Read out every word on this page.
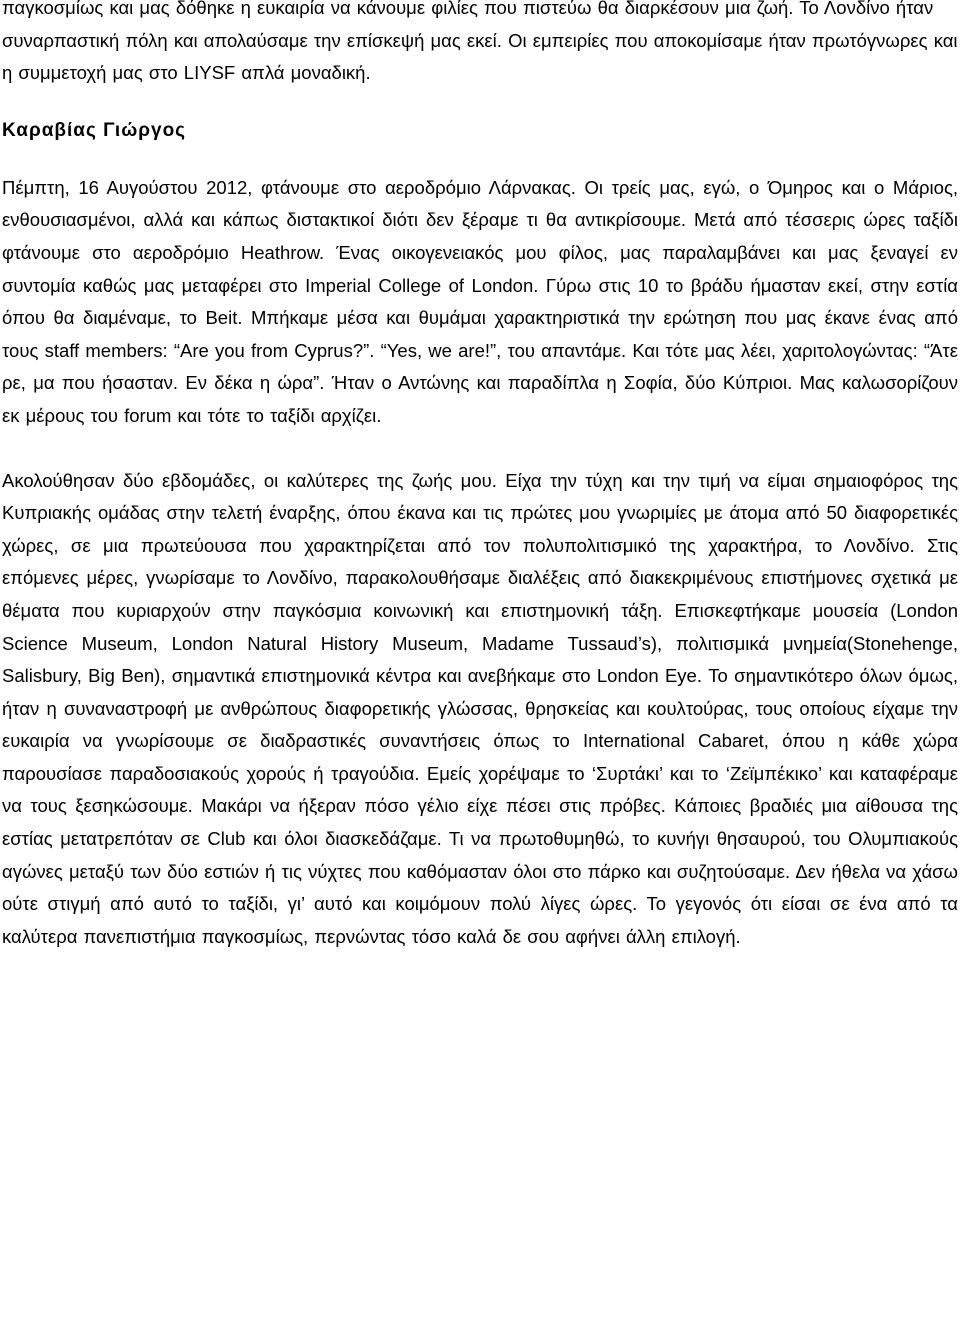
παγκοσμίως και μας δόθηκε η ευκαιρία να κάνουμε φιλίες που πιστεύω θα διαρκέσουν μια ζωή. Το Λονδίνο ήταν συναρπαστική πόλη και απολαύσαμε την επίσκεψή μας εκεί. Οι εμπειρίες που αποκομίσαμε ήταν πρωτόγνωρες και η συμμετοχή μας στο LIYSF απλά μοναδική.

Καραβίας Γιώργος

Πέμπτη, 16 Αυγούστου 2012, φτάνουμε στο αεροδρόμιο Λάρνακας. Οι τρείς μας, εγώ, ο Όμηρος και ο Μάριος, ενθουσιασμένοι, αλλά και κάπως διστακτικοί διότι δεν ξέραμε τι θα αντικρίσουμε. Μετά από τέσσερις ώρες ταξίδι φτάνουμε στο αεροδρόμιο Heathrow. Ένας οικογενειακός μου φίλος, μας παραλαμβάνει και μας ξεναγεί εν συντομία καθώς μας μεταφέρει στο Imperial College of London. Γύρω στις 10 το βράδυ ήμασταν εκεί, στην εστία όπου θα διαμέναμε, το Beit. Μπήκαμε μέσα και θυμάμαι χαρακτηριστικά την ερώτηση που μας έκανε ένας από τους staff members: “Are you from Cyprus?”. “Yes, we are!”, του απαντάμε. Και τότε μας λέει, χαριτολογώντας: “Άτε ρε, μα που ήσασταν. Εν δέκα η ώρα”. Ήταν ο Αντώνης και παραδίπλα η Σοφία, δύο Κύπριοι. Μας καλωσορίζουν εκ μέρους του forum και τότε το ταξίδι αρχίζει.

Ακολούθησαν δύο εβδομάδες, οι καλύτερες της ζωής μου. Είχα την τύχη και την τιμή να είμαι σημαιοφόρος της Κυπριακής ομάδας στην τελετή έναρξης, όπου έκανα και τις πρώτες μου γνωριμίες με άτομα από 50 διαφορετικές χώρες, σε μια πρωτεύουσα που χαρακτηρίζεται από τον πολυπολιτισμικό της χαρακτήρα, το Λονδίνο. Στις επόμενες μέρες, γνωρίσαμε το Λονδίνο, παρακολουθήσαμε διαλέξεις από διακεκριμένους επιστήμονες σχετικά με θέματα που κυριαρχούν στην παγκόσμια κοινωνική και επιστημονική τάξη. Επισκεφτήκαμε μουσεία (London Science Museum, London Natural History Museum, Madame Tussaud’s), πολιτισμικά μνημεία(Stonehenge, Salisbury, Big Ben), σημαντικά επιστημονικά κέντρα και ανεβήκαμε στο London Eye. Το σημαντικότερο όλων όμως, ήταν η συναναστροφή με ανθρώπους διαφορετικής γλώσσας, θρησκείας και κουλτούρας, τους οποίους είχαμε την ευκαιρία να γνωρίσουμε σε διαδραστικές συναντήσεις όπως το International Cabaret, όπου η κάθε χώρα παρουσίασε παραδοσιακούς χορούς ή τραγούδια. Εμείς χορέψαμε το ‘Συρτάκι’ και το ‘Ζεϊμπέκικο’ και καταφέραμε να τους ξεσηκώσουμε. Μακάρι να ήξεραν πόσο γέλιο είχε πέσει στις πρόβες. Κάποιες βραδιές μια αίθουσα της εστίας μετατρεπόταν σε Club και όλοι διασκεδάζαμε. Τι να πρωτοθυμηθώ, το κυνήγι θησαυρού, του Ολυμπιακούς αγώνες μεταξύ των δύο εστιών ή τις νύχτες που καθόμασταν όλοι στο πάρκο και συζητούσαμε. Δεν ήθελα να χάσω ούτε στιγμή από αυτό το ταξίδι, γι’ αυτό και κοιμόμουν πολύ λίγες ώρες. Το γεγονός ότι είσαι σε ένα από τα καλύτερα πανεπιστήμια παγκοσμίως, περνώντας τόσο καλά δε σου αφήνει άλλη επιλογή.
